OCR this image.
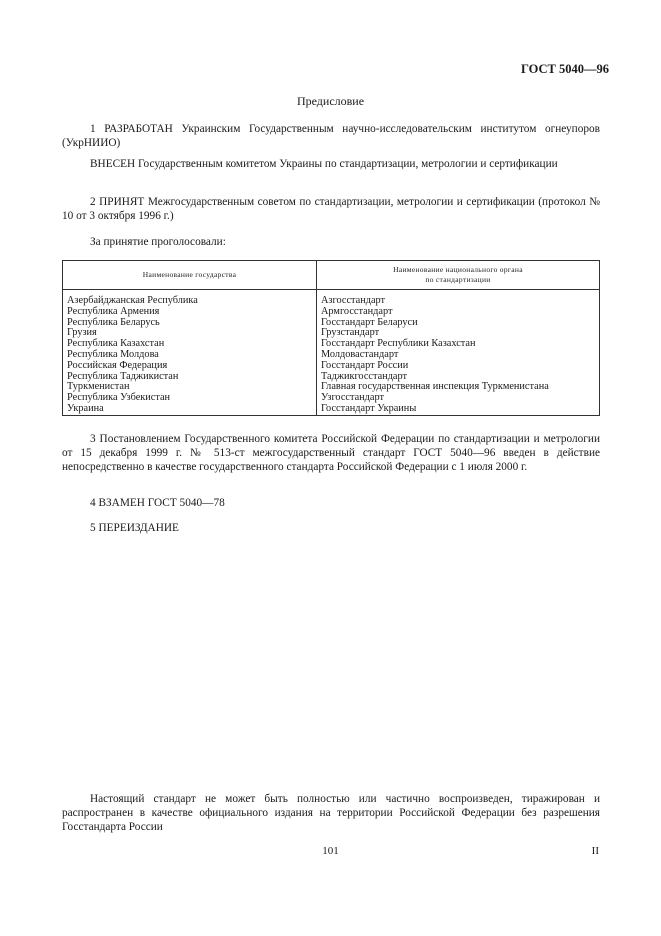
ГОСТ 5040—96
Предисловие
1 РАЗРАБОТАН Украинским Государственным научно-исследовательским институтом огнеупоров (УкрНИИО)
ВНЕСЕН Государственным комитетом Украины по стандартизации, метрологии и сертификации
2 ПРИНЯТ Межгосударственным советом по стандартизации, метрологии и сертификации (протокол № 10 от 3 октября 1996 г.)
За принятие проголосовали:
Наименование государства	Наименование национального органа
по стандартизации
Азербайджанская Республика	Азгосстандарт
Республика Армения	Армгосстандарт
Республика Беларусь	Госстандарт Беларуси
Грузия	Грузстандарт
Республика Казахстан	Госстандарт Республики Казахстан
Республика Молдова	Молдовастандарт
Российская Федерация	Госстандарт России
Республика Таджикистан	Таджикгосстандарт
Туркменистан	Главная государственная инспекция Туркменистана
Республика Узбекистан	Узгосстандарт
Украина	Госстандарт Украины
3 Постановлением Государственного комитета Российской Федерации по стандартизации и метрологии от 15 декабря 1999 г. № 513-ст межгосударственный стандарт ГОСТ 5040—96 введен в действие непосредственно в качестве государственного стандарта Российской Федерации с 1 июля 2000 г.
4 ВЗАМЕН ГОСТ 5040—78
5 ПЕРЕИЗДАНИЕ
Настоящий стандарт не может быть полностью или частично воспроизведен, тиражирован и распространен в качестве официального издания на территории Российской Федерации без разрешения Госстандарта России
101	II
